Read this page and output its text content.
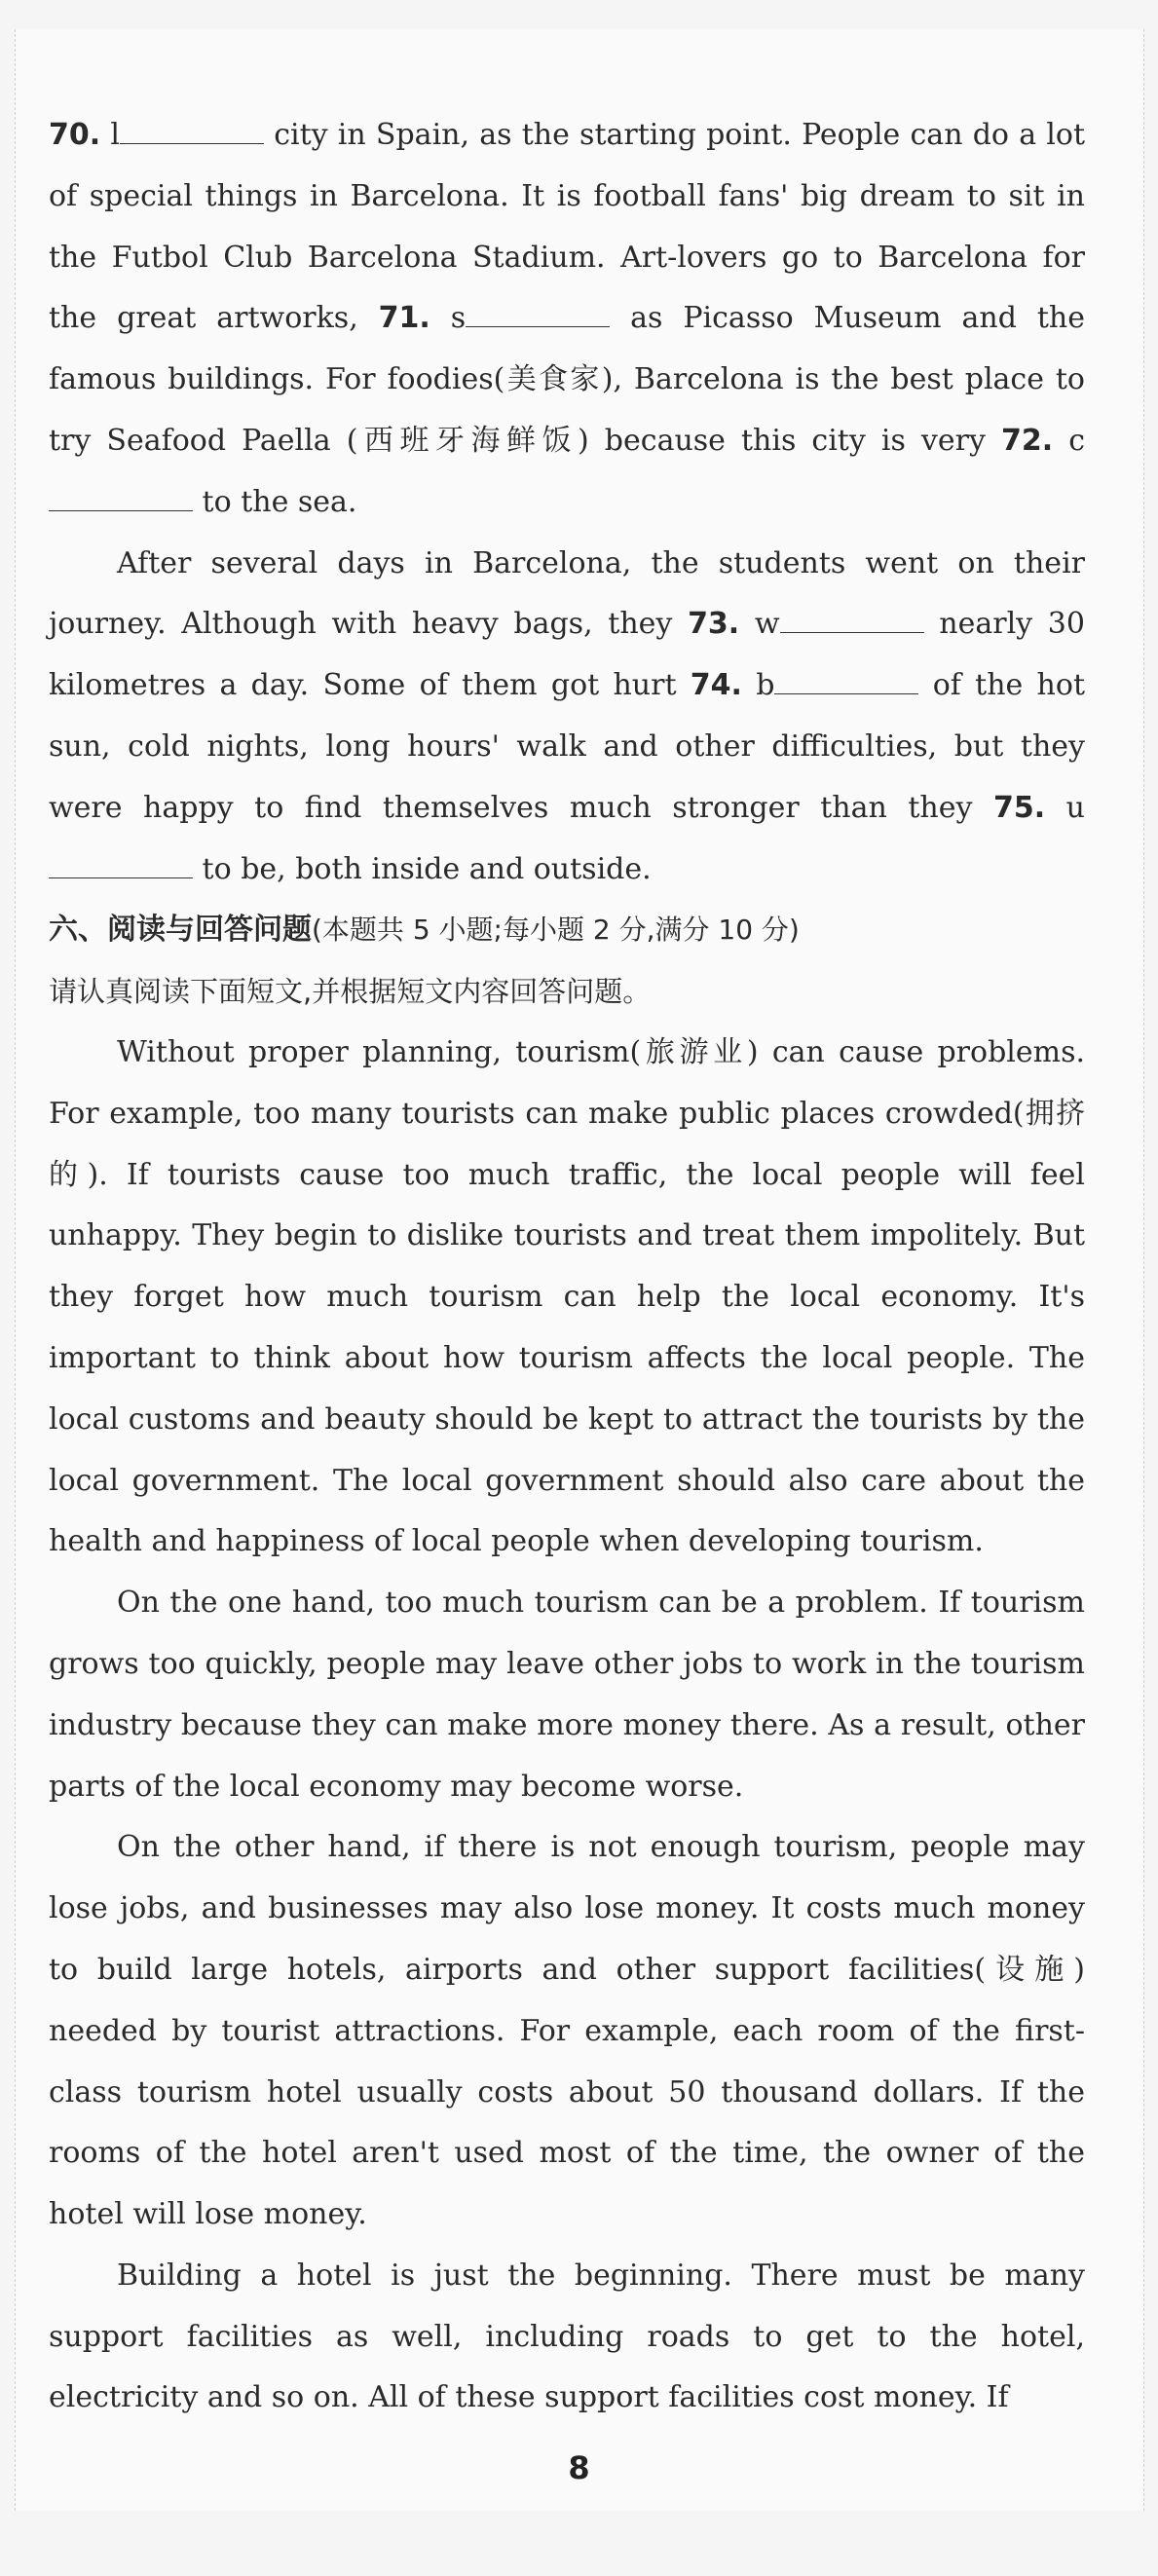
70. l	city in Spain, as the starting point. People can do a lot of special things in Barcelona. It is football fans' big dream to sit in the Futbol Club Barcelona Stadium. Art-lovers go to Barcelona for the great artworks, 71. s	as Picasso Museum and the famous buildings. For foodies(美食家), Barcelona is the best place to try Seafood Paella (西班牙海鲜饭) because this city is very 72. c to the sea.

After several days in Barcelona, the students went on their journey. Although with heavy bags, they 73. w	nearly 30 kilometres a day. Some of them got hurt 74. b	of the hot sun, cold nights, long hours' walk and other difficulties, but they were happy to find themselves much stronger than they 75. u to be, both inside and outside.

六、阅读与回答问题(本题共 5 小题;每小题 2 分,满分 10 分)

请认真阅读下面短文,并根据短文内容回答问题。

Without proper planning, tourism(旅游业) can cause problems. For example, too many tourists can make public places crowded(拥挤的). If tourists cause too much traffic, the local people will feel unhappy. They begin to dislike tourists and treat them impolitely. But they forget how much tourism can help the local economy. It's important to think about how tourism affects the local people. The local customs and beauty should be kept to attract the tourists by the local government. The local government should also care about the health and happiness of local people when developing tourism.

On the one hand, too much tourism can be a problem. If tourism grows too quickly, people may leave other jobs to work in the tourism industry because they can make more money there. As a result, other parts of the local economy may become worse.

On the other hand, if there is not enough tourism, people may lose jobs, and businesses may also lose money. It costs much money to build large hotels, airports and other support facilities(设施) needed by tourist attractions. For example, each room of the first-class tourism hotel usually costs about 50 thousand dollars. If the rooms of the hotel aren't used most of the time, the owner of the hotel will lose money.

Building a hotel is just the beginning. There must be many support facilities as well, including roads to get to the hotel, electricity and so on. All of these support facilities cost money. If

8
